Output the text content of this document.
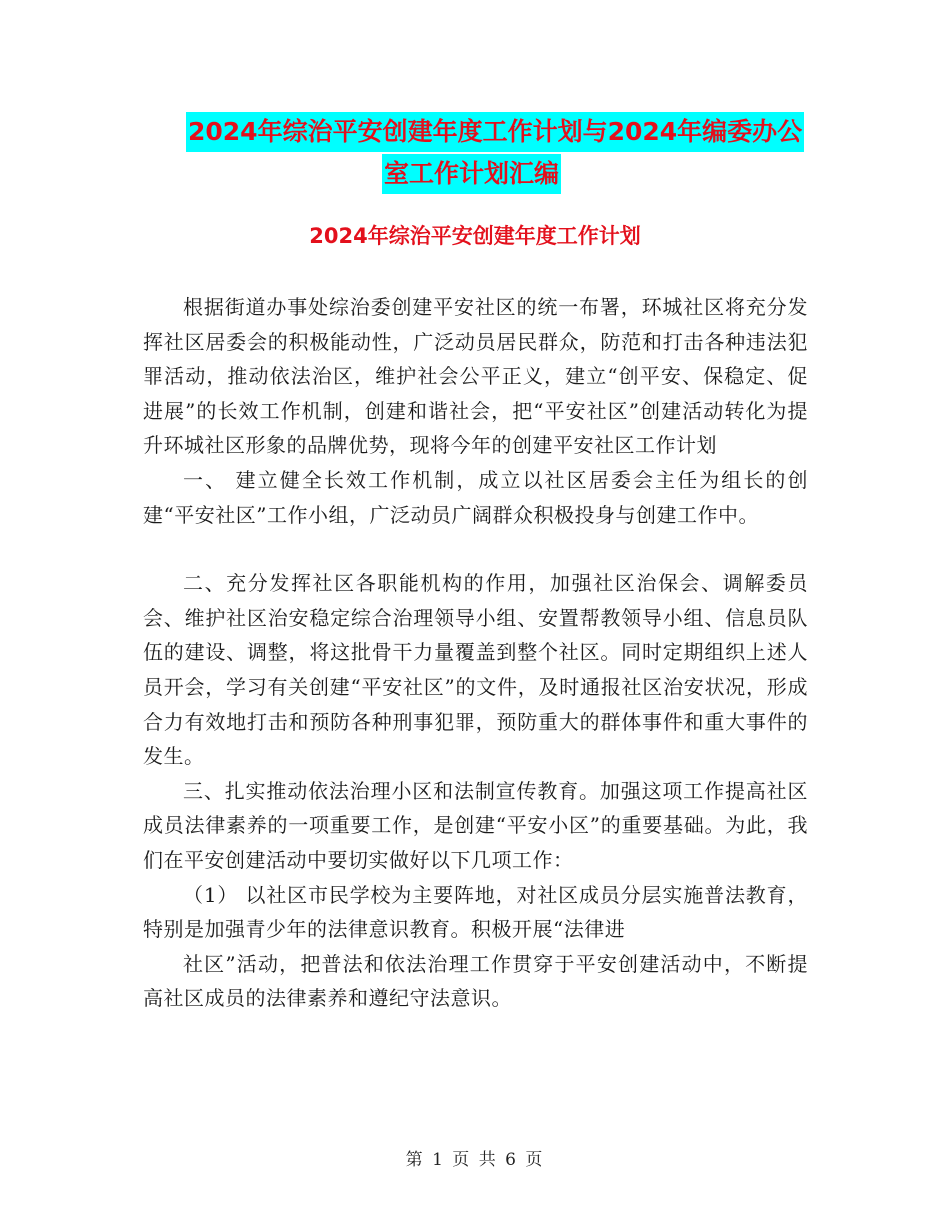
2024年综治平安创建年度工作计划与2024年编委办公
室工作计划汇编
2024年综治平安创建年度工作计划

根据街道办事处综治委创建平安社区的统一布署，环城社区将充分发挥社区居委会的积极能动性，广泛动员居民群众，防范和打击各种违法犯罪活动，推动依法治区，维护社会公平正义，建立“创平安、保稳定、促进展”的长效工作机制，创建和谐社会，把“平安社区”创建活动转化为提升环城社区形象的品牌优势，现将今年的创建平安社区工作计划

一、 建立健全长效工作机制，成立以社区居委会主任为组长的创建“平安社区”工作小组，广泛动员广阔群众积极投身与创建工作中。

二、充分发挥社区各职能机构的作用，加强社区治保会、调解委员会、维护社区治安稳定综合治理领导小组、安置帮教领导小组、信息员队伍的建设、调整，将这批骨干力量覆盖到整个社区。同时定期组织上述人员开会，学习有关创建“平安社区”的文件，及时通报社区治安状况，形成合力有效地打击和预防各种刑事犯罪，预防重大的群体事件和重大事件的发生。

三、扎实推动依法治理小区和法制宣传教育。加强这项工作提高社区成员法律素养的一项重要工作，是创建“平安小区”的重要基础。为此，我们在平安创建活动中要切实做好以下几项工作：

（1） 以社区市民学校为主要阵地，对社区成员分层实施普法教育，特别是加强青少年的法律意识教育。积极开展“法律进

社区”活动，把普法和依法治理工作贯穿于平安创建活动中，不断提高社区成员的法律素养和遵纪守法意识。

第 1 页 共 6 页
